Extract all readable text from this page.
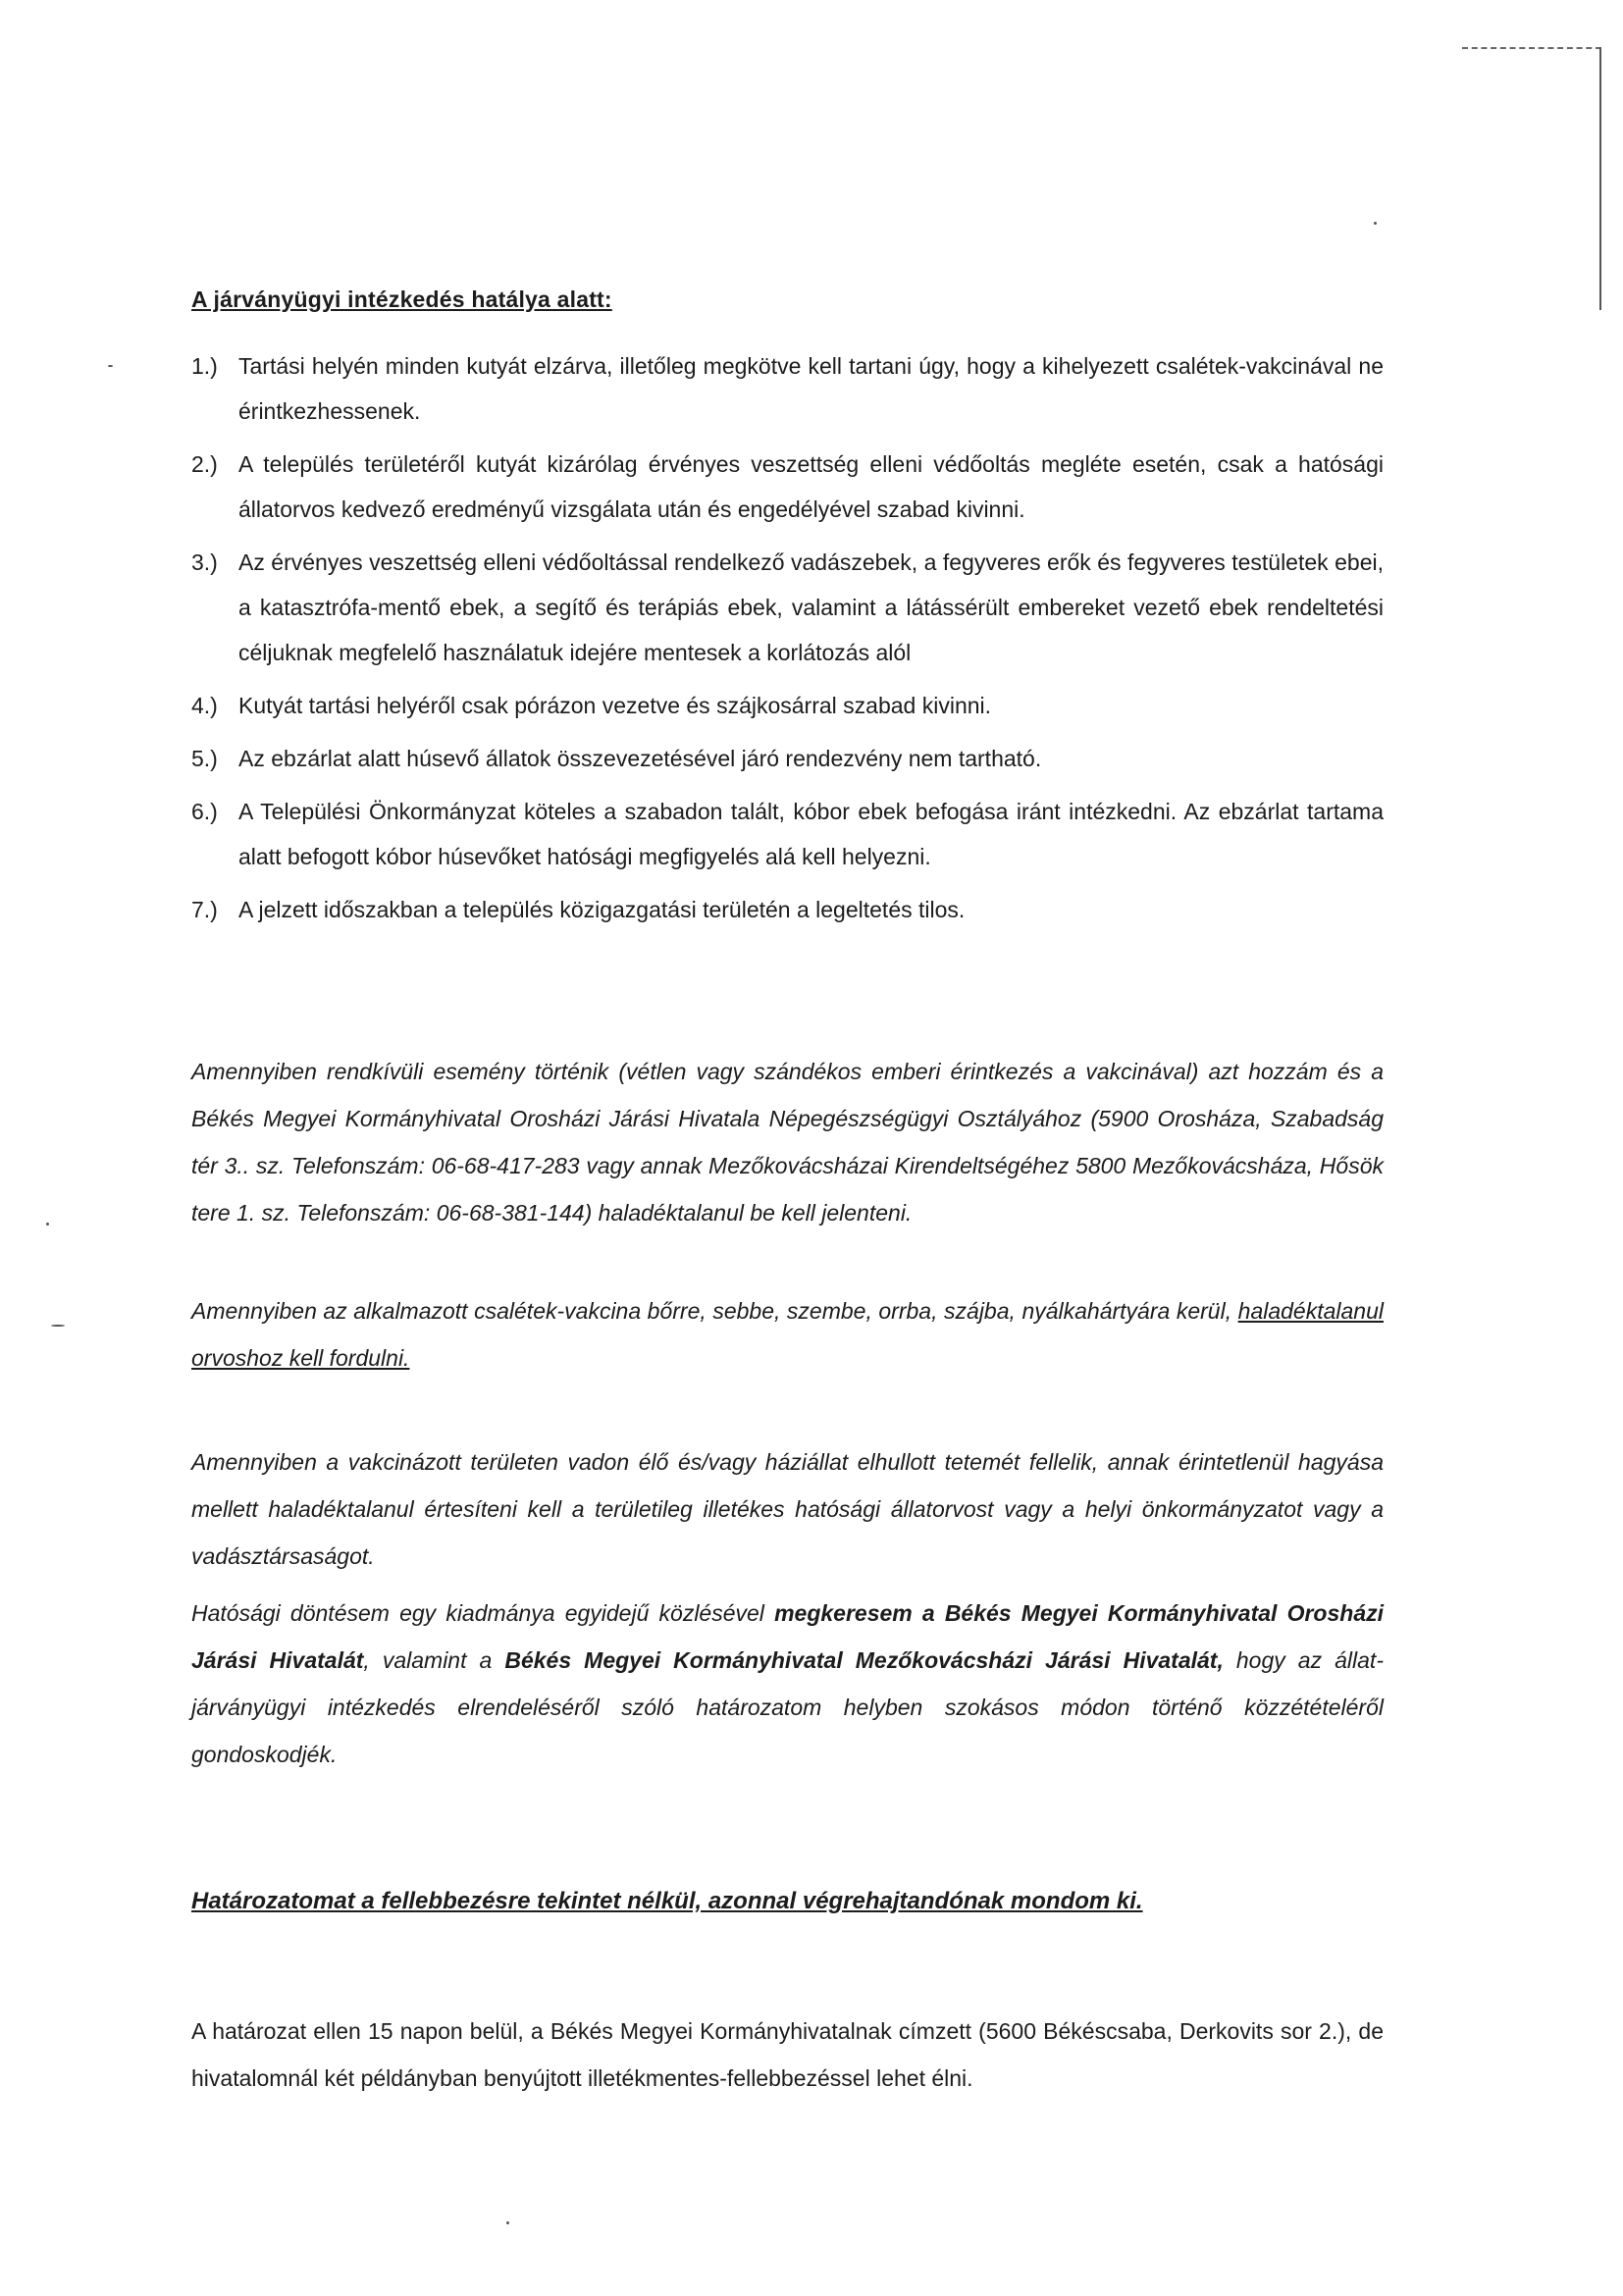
A járványügyi intézkedés hatálya alatt:
1.) Tartási helyén minden kutyát elzárva, illetőleg megkötve kell tartani úgy, hogy a kihelyezett csalétek-vakcinával ne érintkezhessenek.
2.) A település területéről kutyát kizárólag érvényes veszettség elleni védőoltás megléte esetén, csak a hatósági állatorvos kedvező eredményű vizsgálata után és engedélyével szabad kivinni.
3.) Az érvényes veszettség elleni védőoltással rendelkező vadászebek, a fegyveres erők és fegyveres testületek ebei, a katasztrófa-mentő ebek, a segítő és terápiás ebek, valamint a látássérült embereket vezető ebek rendeltetési céljuknak megfelelő használatuk idejére mentesek a korlátozás alól
4.) Kutyát tartási helyéről csak pórázon vezetve és szájkosárral szabad kivinni.
5.) Az ebzárlat alatt húsevő állatok összevezetésével járó rendezvény nem tartható.
6.) A Települési Önkormányzat köteles a szabadon talált, kóbor ebek befogása iránt intézkedni. Az ebzárlat tartama alatt befogott kóbor húsevőket hatósági megfigyelés alá kell helyezni.
7.) A jelzett időszakban a település közigazgatási területén a legeltetés tilos.
Amennyiben rendkívüli esemény történik (vétlen vagy szándékos emberi érintkezés a vakcinával) azt hozzám és a Békés Megyei Kormányhivatal Orosházi Járási Hivatala Népegészségügyi Osztályához (5900 Orosháza, Szabadság tér 3.. sz. Telefonszám: 06-68-417-283 vagy annak Mezőkovácsházai Kirendeltségéhez 5800 Mezőkovácsháza, Hősök tere 1. sz. Telefonszám: 06-68-381-144) haladéktalanul be kell jelenteni.
Amennyiben az alkalmazott csalétek-vakcina bőrre, sebbe, szembe, orrba, szájba, nyálkahártyára kerül, haladéktalanul orvoshoz kell fordulni.
Amennyiben a vakcinázott területen vadon élő és/vagy háziállat elhullott tetemét fellelik, annak érintetlenül hagyása mellett haladéktalanul értesíteni kell a területileg illetékes hatósági állatorvost vagy a helyi önkormányzatot vagy a vadásztársaságot.
Hatósági döntésem egy kiadmánya egyidejű közlésével megkeresem a Békés Megyei Kormányhivatal Orosházi Járási Hivatalát, valamint a Békés Megyei Kormányhivatal Mezőkovácsházi Járási Hivatalát, hogy az állat-járványügyi intézkedés elrendeléséről szóló határozatom helyben szokásos módon történő közzétételéről gondoskodjék.
Határozatomat a fellebbezésre tekintet nélkül, azonnal végrehajtandónak mondom ki.
A határozat ellen 15 napon belül, a Békés Megyei Kormányhivatalnak címzett (5600 Békéscsaba, Derkovits sor 2.), de hivatalomnál két példányban benyújtott illetékmentes-fellebbezéssel lehet élni.
